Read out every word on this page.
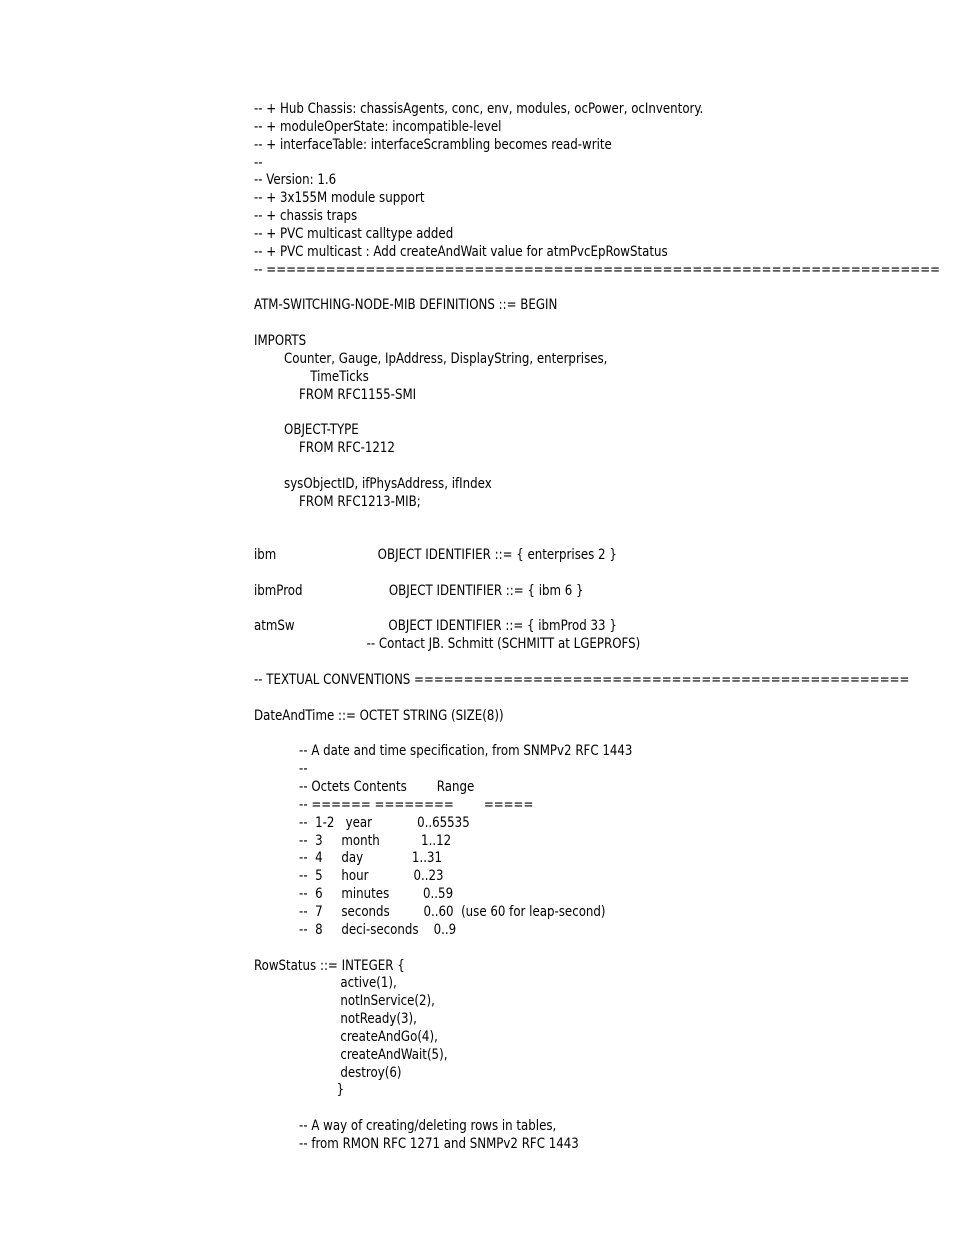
-- + Hub Chassis: chassisAgents, conc, env, modules, ocPower, ocInventory.
-- + moduleOperState: incompatible-level
-- + interfaceTable: interfaceScrambling becomes read-write
--
-- Version: 1.6
-- + 3x155M module support
-- + chassis traps
-- + PVC multicast calltype added
-- + PVC multicast : Add createAndWait value for atmPvcEpRowStatus
-- ====================================================================

ATM-SWITCHING-NODE-MIB DEFINITIONS ::= BEGIN

IMPORTS
Counter, Gauge, IpAddress, DisplayString, enterprises,
TimeTicks
FROM RFC1155-SMI

OBJECT-TYPE
FROM RFC-1212

sysObjectID, ifPhysAddress, ifIndex
FROM RFC1213-MIB;

ibm                           OBJECT IDENTIFIER ::= { enterprises 2 }

ibmProd                       OBJECT IDENTIFIER ::= { ibm 6 }

atmSw                         OBJECT IDENTIFIER ::= { ibmProd 33 }
-- Contact JB. Schmitt (SCHMITT at LGEPROFS)

-- TEXTUAL CONVENTIONS ==================================================

DateAndTime ::= OCTET STRING (SIZE(8))

-- A date and time specification, from SNMPv2 RFC 1443
--
-- Octets Contents        Range
-- ====== ========        =====
--  1-2   year            0..65535
--  3     month           1..12
--  4     day             1..31
--  5     hour            0..23
--  6     minutes         0..59
--  7     seconds         0..60  (use 60 for leap-second)
--  8     deci-seconds    0..9

RowStatus ::= INTEGER {
active(1),
notInService(2),
notReady(3),
createAndGo(4),
createAndWait(5),
destroy(6)
}

-- A way of creating/deleting rows in tables,
-- from RMON RFC 1271 and SNMPv2 RFC 1443
